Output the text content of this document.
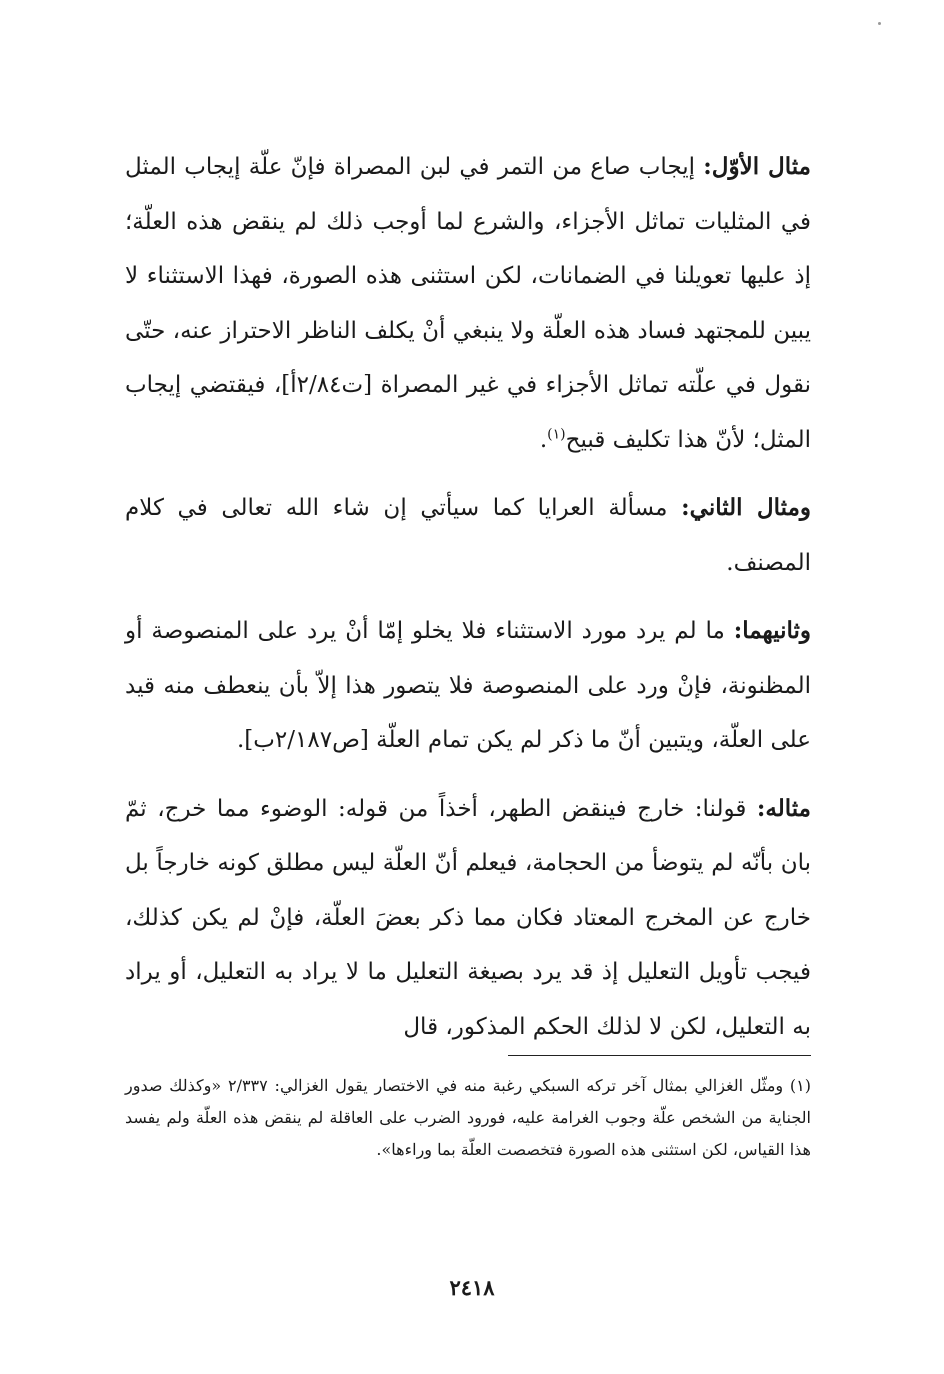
مثال الأوّل: إيجاب صاع من التمر في لبن المصراة فإنّ علّة إيجاب المثل في المثليات تماثل الأجزاء، والشرع لما أوجب ذلك لم ينقض هذه العلّة؛ إذ عليها تعويلنا في الضمانات، لكن استثنى هذه الصورة، فهذا الاستثناء لا يبين للمجتهد فساد هذه العلّة ولا ينبغي أنْ يكلف الناظر الاحتراز عنه، حتّى نقول في علّته تماثل الأجزاء في غير المصراة [ت٢/٨٤أ]، فيقتضي إيجاب المثل؛ لأنّ هذا تكليف قبيح$^{(١)}$.

ومثال الثاني: مسألة العرايا كما سيأتي إن شاء الله تعالى في كلام المصنف.

وثانيهما: ما لم يرد مورد الاستثناء فلا يخلو إمّا أنْ يرد على المنصوصة أو المظنونة، فإنْ ورد على المنصوصة فلا يتصور هذا إلاّ بأن ينعطف منه قيد على العلّة، ويتبين أنّ ما ذكر لم يكن تمام العلّة [ص٢/١٨٧ب].

مثاله: قولنا: خارج فينقض الطهر، أخذاً من قوله: الوضوء مما خرج، ثمّ بان بأنّه لم يتوضأ من الحجامة، فيعلم أنّ العلّة ليس مطلق كونه خارجاً بل خارج عن المخرج المعتاد فكان مما ذكر بعضَ العلّة، فإنْ لم يكن كذلك، فيجب تأويل التعليل إذ قد يرد بصيغة التعليل ما لا يراد به التعليل، أو يراد به التعليل، لكن لا لذلك الحكم المذكور، قال

(١) ومثّل الغزالي بمثال آخر تركه السبكي رغبة منه في الاختصار يقول الغزالي: ٢/٣٣٧ «وكذلك صدور الجناية من الشخص علّة وجوب الغرامة عليه، فورود الضرب على العاقلة لم ينقض هذه العلّة ولم يفسد هذا القياس، لكن استثنى هذه الصورة فتخصصت العلّة بما وراءها».

٢٤١٨
